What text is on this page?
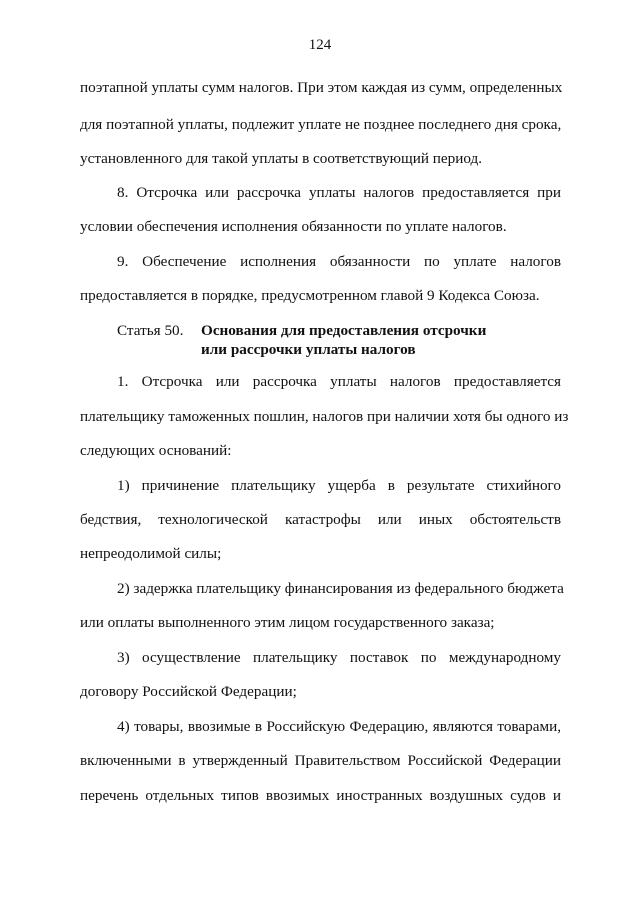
124
поэтапной уплаты сумм налогов. При этом каждая из сумм, определенных
для поэтапной уплаты, подлежит уплате не позднее последнего дня срока,
установленного для такой уплаты в соответствующий период.
8. Отсрочка или рассрочка уплаты налогов предоставляется при
условии обеспечения исполнения обязанности по уплате налогов.
9. Обеспечение исполнения обязанности по уплате налогов
предоставляется в порядке, предусмотренном главой 9 Кодекса Союза.
Статья 50. Основания для предоставления отсрочки
или рассрочки уплаты налогов
1. Отсрочка или рассрочка уплаты налогов предоставляется
плательщику таможенных пошлин, налогов при наличии хотя бы одного из
следующих оснований:
1) причинение плательщику ущерба в результате стихийного
бедствия, технологической катастрофы или иных обстоятельств
непреодолимой силы;
2) задержка плательщику финансирования из федерального бюджета
или оплаты выполненного этим лицом государственного заказа;
3) осуществление плательщику поставок по международному
договору Российской Федерации;
4) товары, ввозимые в Российскую Федерацию, являются товарами,
включенными в утвержденный Правительством Российской Федерации
перечень отдельных типов ввозимых иностранных воздушных судов и
